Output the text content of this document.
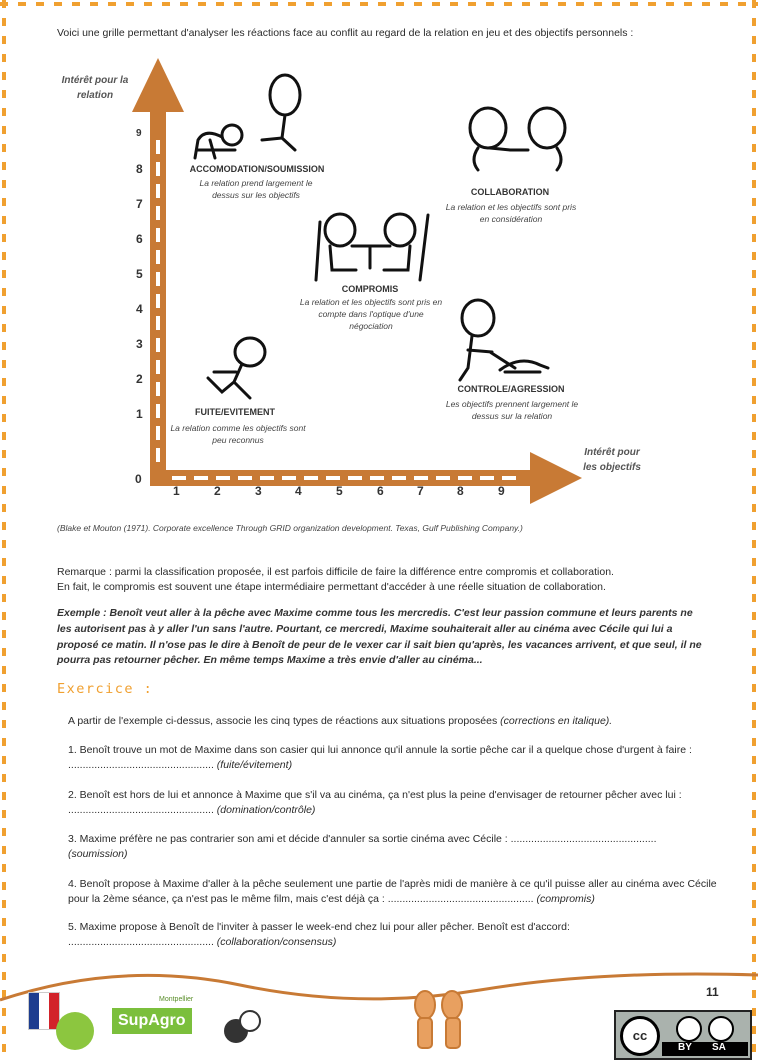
Voici une grille permettant d'analyser les réactions face au conflit au regard de la relation en jeu et des objectifs personnels :
Intérêt pour la relation
Intérêt pour les objectifs
0
1
2
3
4
5
6
7
8
9
1	2	3	4	5	6	7	8	9
ACCOMODATION/SOUMISSION
La relation prend largement le dessus sur les objectifs	COLLABORATION
La relation et les objectifs sont pris en considération
COMPROMIS
La relation et les objectifs sont pris en compte dans l'optique d'une négociation
CONTROLE/AGRESSION
Les objectifs prennent largement le dessus sur la relation
FUITE/EVITEMENT
La relation comme les objectifs sont peu reconnus
(Blake et Mouton (1971). Corporate excellence Through GRID organization development. Texas, Gulf Publishing Company.)
Remarque : parmi la classification proposée, il est parfois difficile de faire la différence entre compromis et collaboration.
En fait, le compromis est souvent une étape intermédiaire permettant d'accéder à une réelle situation de collaboration.
Exemple : Benoît veut aller à la pêche avec Maxime comme tous les mercredis. C'est leur passion commune et leurs parents ne les autorisent pas à y aller l'un sans l'autre. Pourtant, ce mercredi, Maxime souhaiterait aller au cinéma avec Cécile qui lui a proposé ce matin. Il n'ose pas le dire à Benoît de peur de le vexer car il sait bien qu'après, les vacances arrivent, et que seul, il ne pourra pas retourner pêcher. En même temps Maxime a très envie d'aller au cinéma...
Exercice :
A partir de l'exemple ci-dessus, associe les cinq types de réactions aux situations proposées (corrections en italique).
1. Benoît trouve un mot de Maxime dans son casier qui lui annonce qu'il annule la sortie pêche car il a quelque chose d'urgent à faire : .................................................. (fuite/évitement)
2. Benoît est hors de lui et annonce à Maxime que s'il va au cinéma, ça n'est plus la peine d'envisager de retourner pêcher avec lui : .................................................. (domination/contrôle)
3. Maxime préfère ne pas contrarier son ami et décide d'annuler sa sortie cinéma avec Cécile : .................................................. (soumission)
4. Benoît propose à Maxime d'aller à la pêche seulement une partie de l'après midi de manière à ce qu'il puisse aller au cinéma avec Cécile pour la 2ème séance, ça n'est pas le même film, mais c'est déjà ça : .................................................. (compromis)
5. Maxime propose à Benoît de l'inviter à passer le week-end chez lui pour aller pêcher. Benoît est d'accord: .................................................. (collaboration/consensus)
SupAgro
Montpellier
cc
BY SA
11
